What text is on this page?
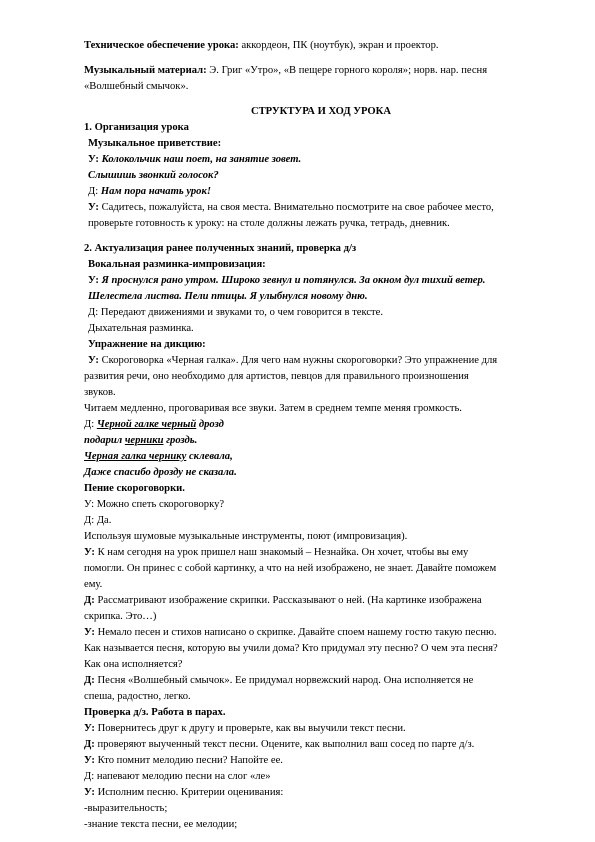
Техническое обеспечение урока: аккордеон, ПК (ноутбук), экран и проектор.
Музыкальный материал: Э. Григ «Утро», «В пещере горного короля»; норв. нар. песня
«Волшебный смычок».
СТРУКТУРА И ХОД УРОКА
1. Организация урока
Музыкальное приветствие:
У: Колокольчик наш поет, на занятие зовет.
Слышишь звонкий голосок?
Д: Нам пора начать урок!
У: Садитесь, пожалуйста, на своя места. Внимательно посмотрите на свое рабочее место,
проверьте готовность к уроку: на столе должны лежать ручка, тетрадь, дневник.
2. Актуализация ранее полученных знаний, проверка д/з
Вокальная разминка-импровизация:
У: Я проснулся рано утром. Широко зевнул и потянулся. За окном дул тихий ветер.
Шелестела листва. Пели птицы. Я улыбнулся новому дню.
Д: Передают движениями и звуками то, о чем говорится в тексте.
Дыхательная разминка.
Упражнение на дикцию:
У: Скороговорка «Черная галка». Для чего нам нужны скороговорки? Это упражнение для
развития речи, оно необходимо для артистов, певцов для правильного произношения
звуков.
Читаем медленно, проговаривая все звуки. Затем в среднем темпе меняя громкость.
Д: Черной галке черный дрозд
подарил черники гроздь.
Черная галка чернику склевала,
Даже спасибо дрозду не сказала.
Пение скороговорки.
У: Можно спеть скороговорку?
Д: Да.
Используя шумовые музыкальные инструменты, поют (импровизация).
У: К нам сегодня на урок пришел наш знакомый – Незнайка. Он хочет, чтобы вы ему
помогли. Он принес с собой картинку, а что на ней изображено, не знает. Давайте поможем
ему.
Д: Рассматривают изображение скрипки. Рассказывают о ней. (На картинке изображена
скрипка. Это…)
У: Немало песен и стихов написано о скрипке. Давайте споем нашему гостю такую песню.
Как называется песня, которую вы учили дома? Кто придумал эту песню? О чем эта песня?
Как она исполняется?
Д: Песня «Волшебный смычок». Ее придумал норвежский народ. Она исполняется не
спеша, радостно, легко.
Проверка д/з. Работа в парах.
У: Повернитесь друг к другу и проверьте, как вы выучили текст песни.
Д: проверяют выученный текст песни. Оцените, как выполнил ваш сосед по парте д/з.
У: Кто помнит мелодию песни? Напойте ее.
Д: напевают мелодию песни на слог «ле»
У: Исполним песню. Критерии оценивания:
-выразительность;
-знание текста песни, ее мелодии;
